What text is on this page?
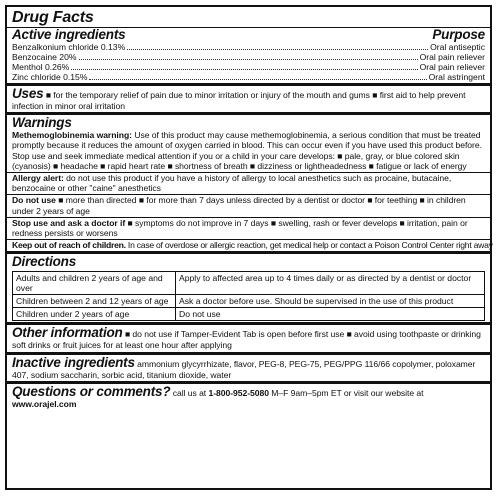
Drug Facts
Active ingredients	Purpose
Benzalkonium chloride 0.13%	Oral antiseptic
Benzocaine 20%	Oral pain reliever
Menthol 0.26%	Oral pain reliever
Zinc chloride 0.15%	Oral astringent
Uses ■ for the temporary relief of pain due to minor irritation or injury of the mouth and gums ■ first aid to help prevent infection in minor oral irritation
Warnings
Methemoglobinemia warning: Use of this product may cause methemoglobinemia, a serious condition that must be treated promptly because it reduces the amount of oxygen carried in blood. This can occur even if you have used this product before. Stop use and seek immediate medical attention if you or a child in your care develops: ■ pale, gray, or blue colored skin (cyanosis) ■ headache ■ rapid heart rate ■ shortness of breath ■ dizziness or lightheadedness ■ fatigue or lack of energy
Allergy alert: do not use this product if you have a history of allergy to local anesthetics such as procaine, butacaine, benzocaine or other "caine" anesthetics
Do not use ■ more than directed ■ for more than 7 days unless directed by a dentist or doctor ■ for teething ■ in children under 2 years of age
Stop use and ask a doctor if ■ symptoms do not improve in 7 days ■ swelling, rash or fever develops ■ irritation, pain or redness persists or worsens
Keep out of reach of children. In case of overdose or allergic reaction, get medical help or contact a Poison Control Center right away
Directions
Adults and children 2 years of age and over	Apply to affected area up to 4 times daily or as directed by a dentist or doctor
Children between 2 and 12 years of age	Ask a doctor before use. Should be supervised in the use of this product
Children under 2 years of age	Do not use
Other information ■ do not use if Tamper-Evident Tab is open before first use ■ avoid using toothpaste or drinking soft drinks or fruit juices for at least one hour after applying
Inactive ingredients ammonium glycyrrhizate, flavor, PEG-8, PEG-75, PEG/PPG 116/66 copolymer, poloxamer 407, sodium saccharin, sorbic acid, titanium dioxide, water
Questions or comments? call us at 1-800-952-5080 M–F 9am–5pm ET or visit our website at www.orajel.com
